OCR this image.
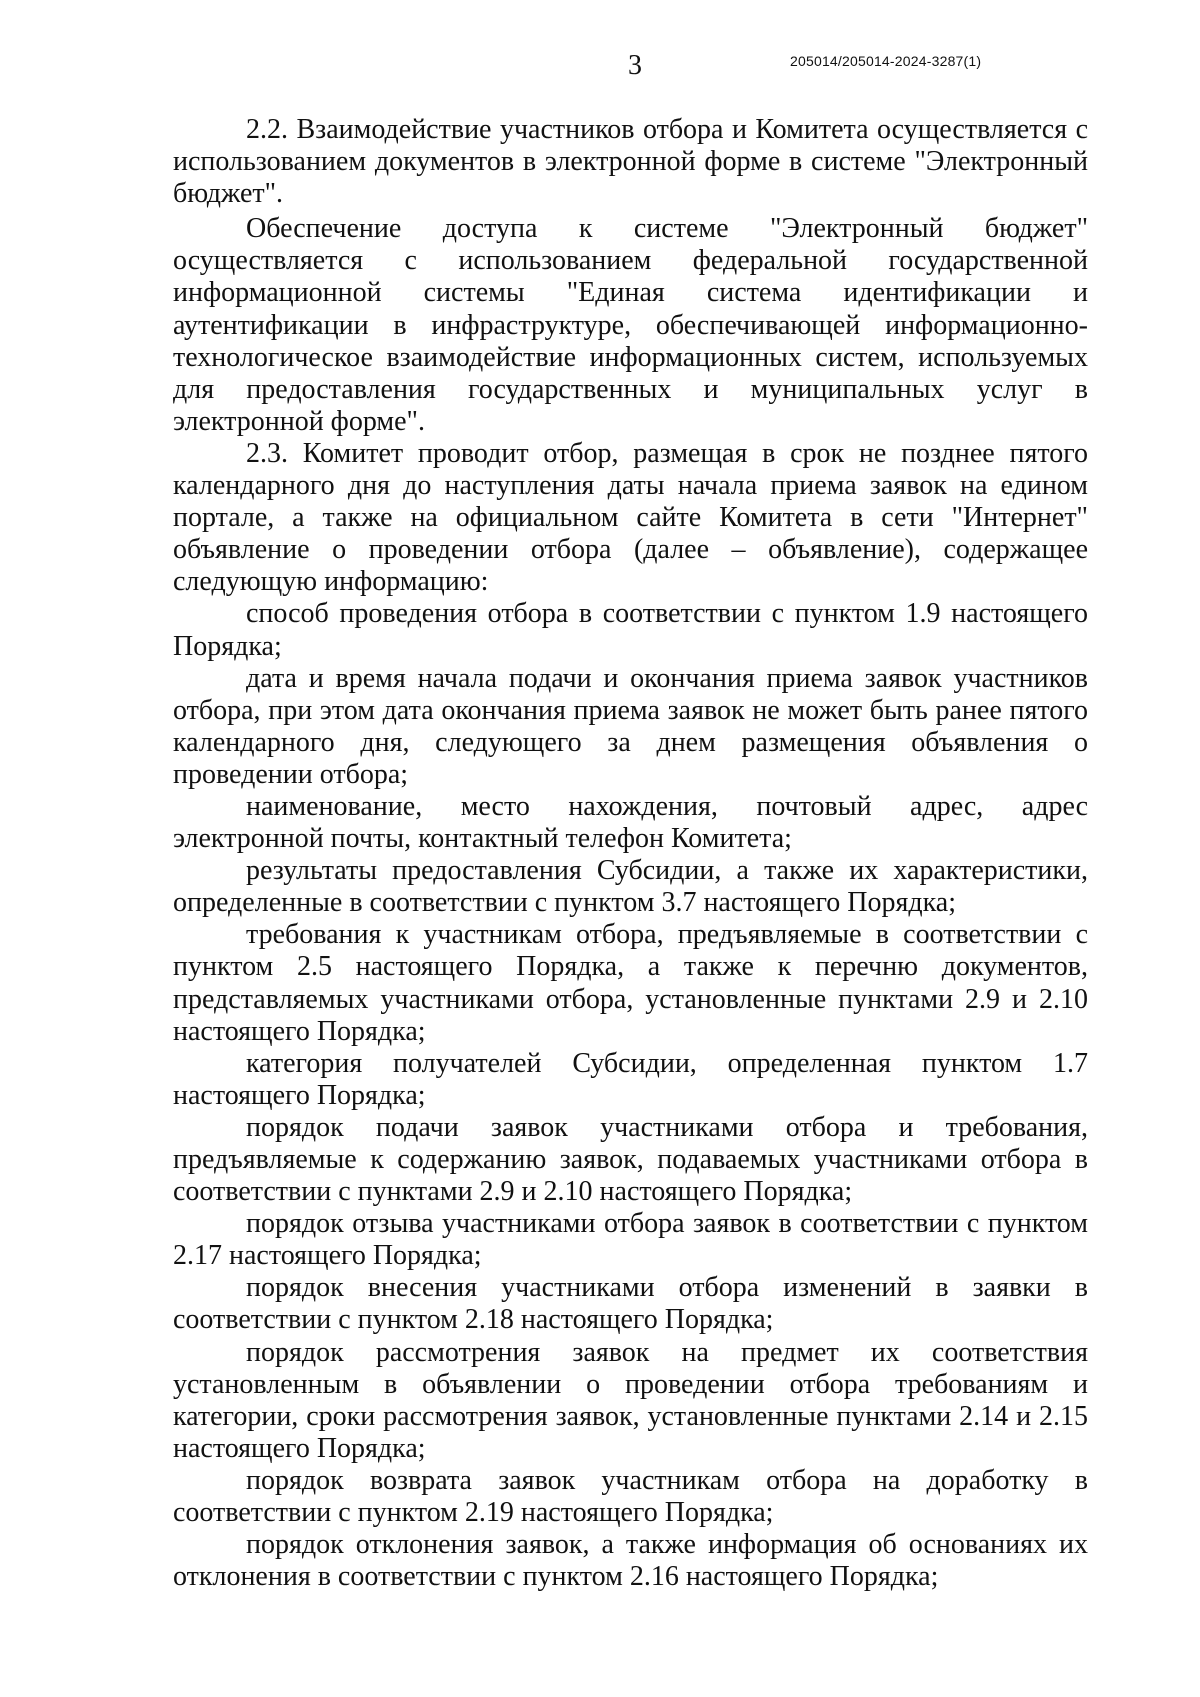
3	205014/205014-2024-3287(1)

2.2. Взаимодействие участников отбора и Комитета осуществляется с использованием документов в электронной форме в системе "Электронный бюджет".

Обеспечение доступа к системе "Электронный бюджет" осуществляется с использованием федеральной государственной информационной системы "Единая система идентификации и аутентификации в инфраструктуре, обеспечивающей информационно-технологическое взаимодействие информационных систем, используемых для предоставления государственных и муниципальных услуг в электронной форме".

2.3. Комитет проводит отбор, размещая в срок не позднее пятого календарного дня до наступления даты начала приема заявок на едином портале, а также на официальном сайте Комитета в сети "Интернет" объявление о проведении отбора (далее – объявление), содержащее следующую информацию:

способ проведения отбора в соответствии с пунктом 1.9 настоящего Порядка;

дата и время начала подачи и окончания приема заявок участников отбора, при этом дата окончания приема заявок не может быть ранее пятого календарного дня, следующего за днем размещения объявления о проведении отбора;

наименование, место нахождения, почтовый адрес, адрес электронной почты, контактный телефон Комитета;

результаты предоставления Субсидии, а также их характеристики, определенные в соответствии с пунктом 3.7 настоящего Порядка;

требования к участникам отбора, предъявляемые в соответствии с пунктом 2.5 настоящего Порядка, а также к перечню документов, представляемых участниками отбора, установленные пунктами 2.9 и 2.10 настоящего Порядка;

категория получателей Субсидии, определенная пунктом 1.7 настоящего Порядка;

порядок подачи заявок участниками отбора и требования, предъявляемые к содержанию заявок, подаваемых участниками отбора в соответствии с пунктами 2.9 и 2.10 настоящего Порядка;

порядок отзыва участниками отбора заявок в соответствии с пунктом 2.17 настоящего Порядка;

порядок внесения участниками отбора изменений в заявки в соответствии с пунктом 2.18 настоящего Порядка;

порядок рассмотрения заявок на предмет их соответствия установленным в объявлении о проведении отбора требованиям и категории, сроки рассмотрения заявок, установленные пунктами 2.14 и 2.15 настоящего Порядка;

порядок возврата заявок участникам отбора на доработку в соответствии с пунктом 2.19 настоящего Порядка;

порядок отклонения заявок, а также информация об основаниях их отклонения в соответствии с пунктом 2.16 настоящего Порядка;
